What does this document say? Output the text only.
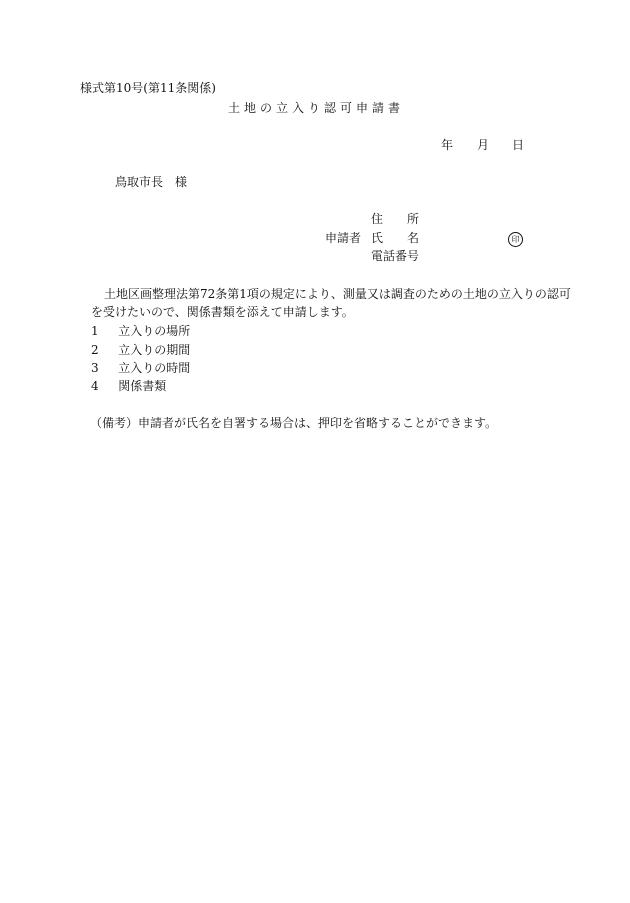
様式第10号(第11条関係)
土地の立入り認可申請書
年 月 日
鳥取市長　様
住　　所
申請者 氏　　名	印
電話番号
土地区画整理法第72条第1項の規定により、測量又は調査のための土地の立入りの認可
を受けたいので、関係書類を添えて申請します。
1 立入りの場所
2 立入りの期間
3 立入りの時間
4 関係書類
（備考）申請者が氏名を自署する場合は、押印を省略することができます。
